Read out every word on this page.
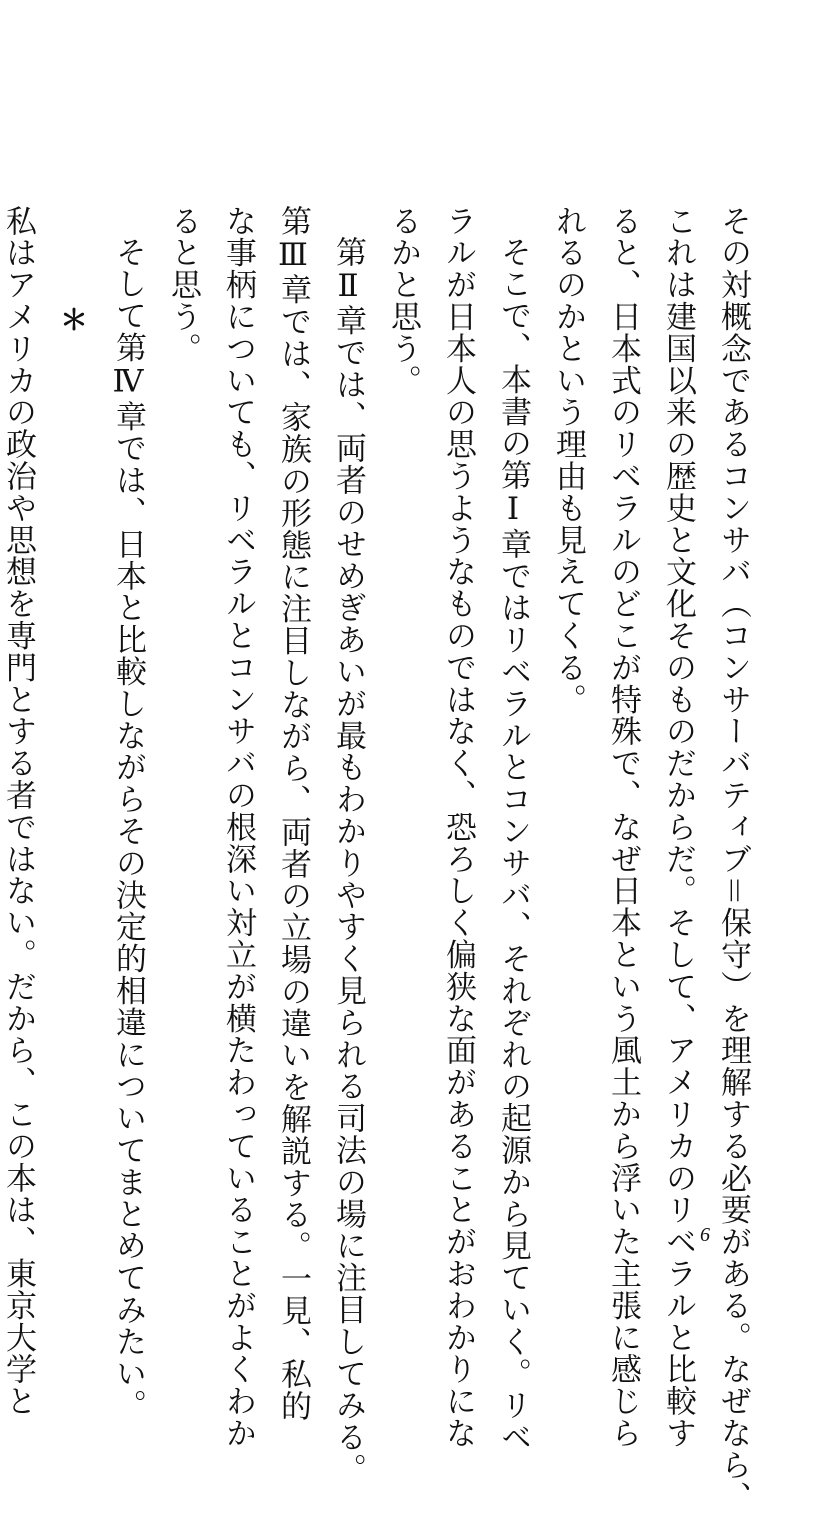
その対概念であるコンサバ（コンサーバティブ＝保守）を理解する必要がある。なぜなら、
これは建国以来の歴史と文化そのものだからだ。そして、アメリカのリベラルと比較す
ると、日本式のリベラルのどこが特殊で、なぜ日本という風土から浮いた主張に感じら
れるのかという理由も見えてくる。
そこで、本書の第Ⅰ章ではリベラルとコンサバ、それぞれの起源から見ていく。リベ
ラルが日本人の思うようなものではなく、恐ろしく偏狭な面があることがおわかりにな
るかと思う。
第Ⅱ章では、両者のせめぎあいが最もわかりやすく見られる司法の場に注目してみる。
第Ⅲ章では、家族の形態に注目しながら、両者の立場の違いを解説する。一見、私的
な事柄についても、リベラルとコンサバの根深い対立が横たわっていることがよくわか
ると思う。
そして第Ⅳ章では、日本と比較しながらその決定的相違についてまとめてみたい。
＊
私はアメリカの政治や思想を専門とする者ではない。だから、この本は、東京大学と	6
